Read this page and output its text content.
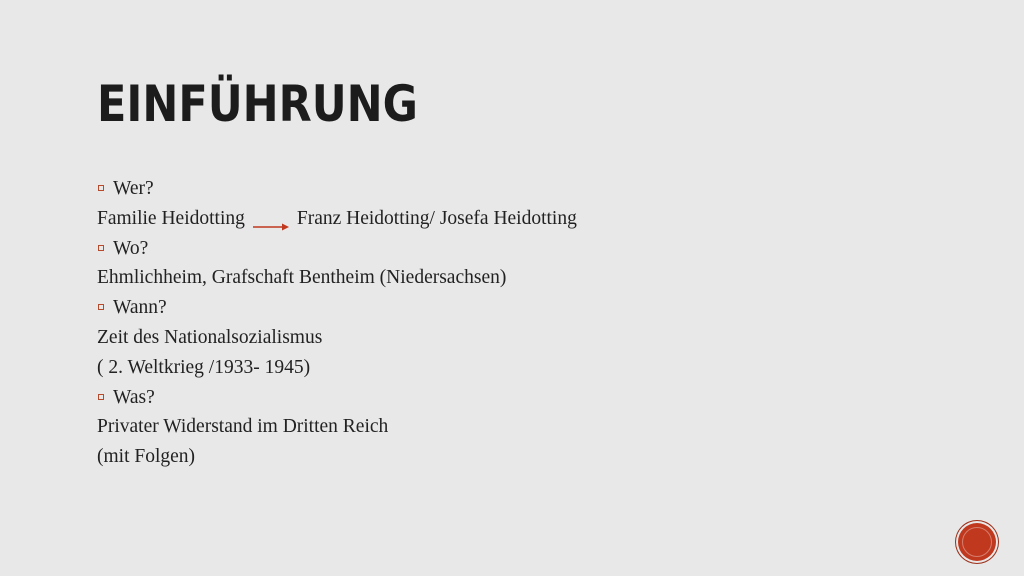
EINFÜHRUNG
Wer?
Familie Heidotting	Franz Heidotting/ Josefa Heidotting
Wo?
Ehmlichheim, Grafschaft Bentheim (Niedersachsen)
Wann?
Zeit des Nationalsozialismus
( 2. Weltkrieg /1933- 1945)
Was?
Privater Widerstand im Dritten Reich
(mit Folgen)
